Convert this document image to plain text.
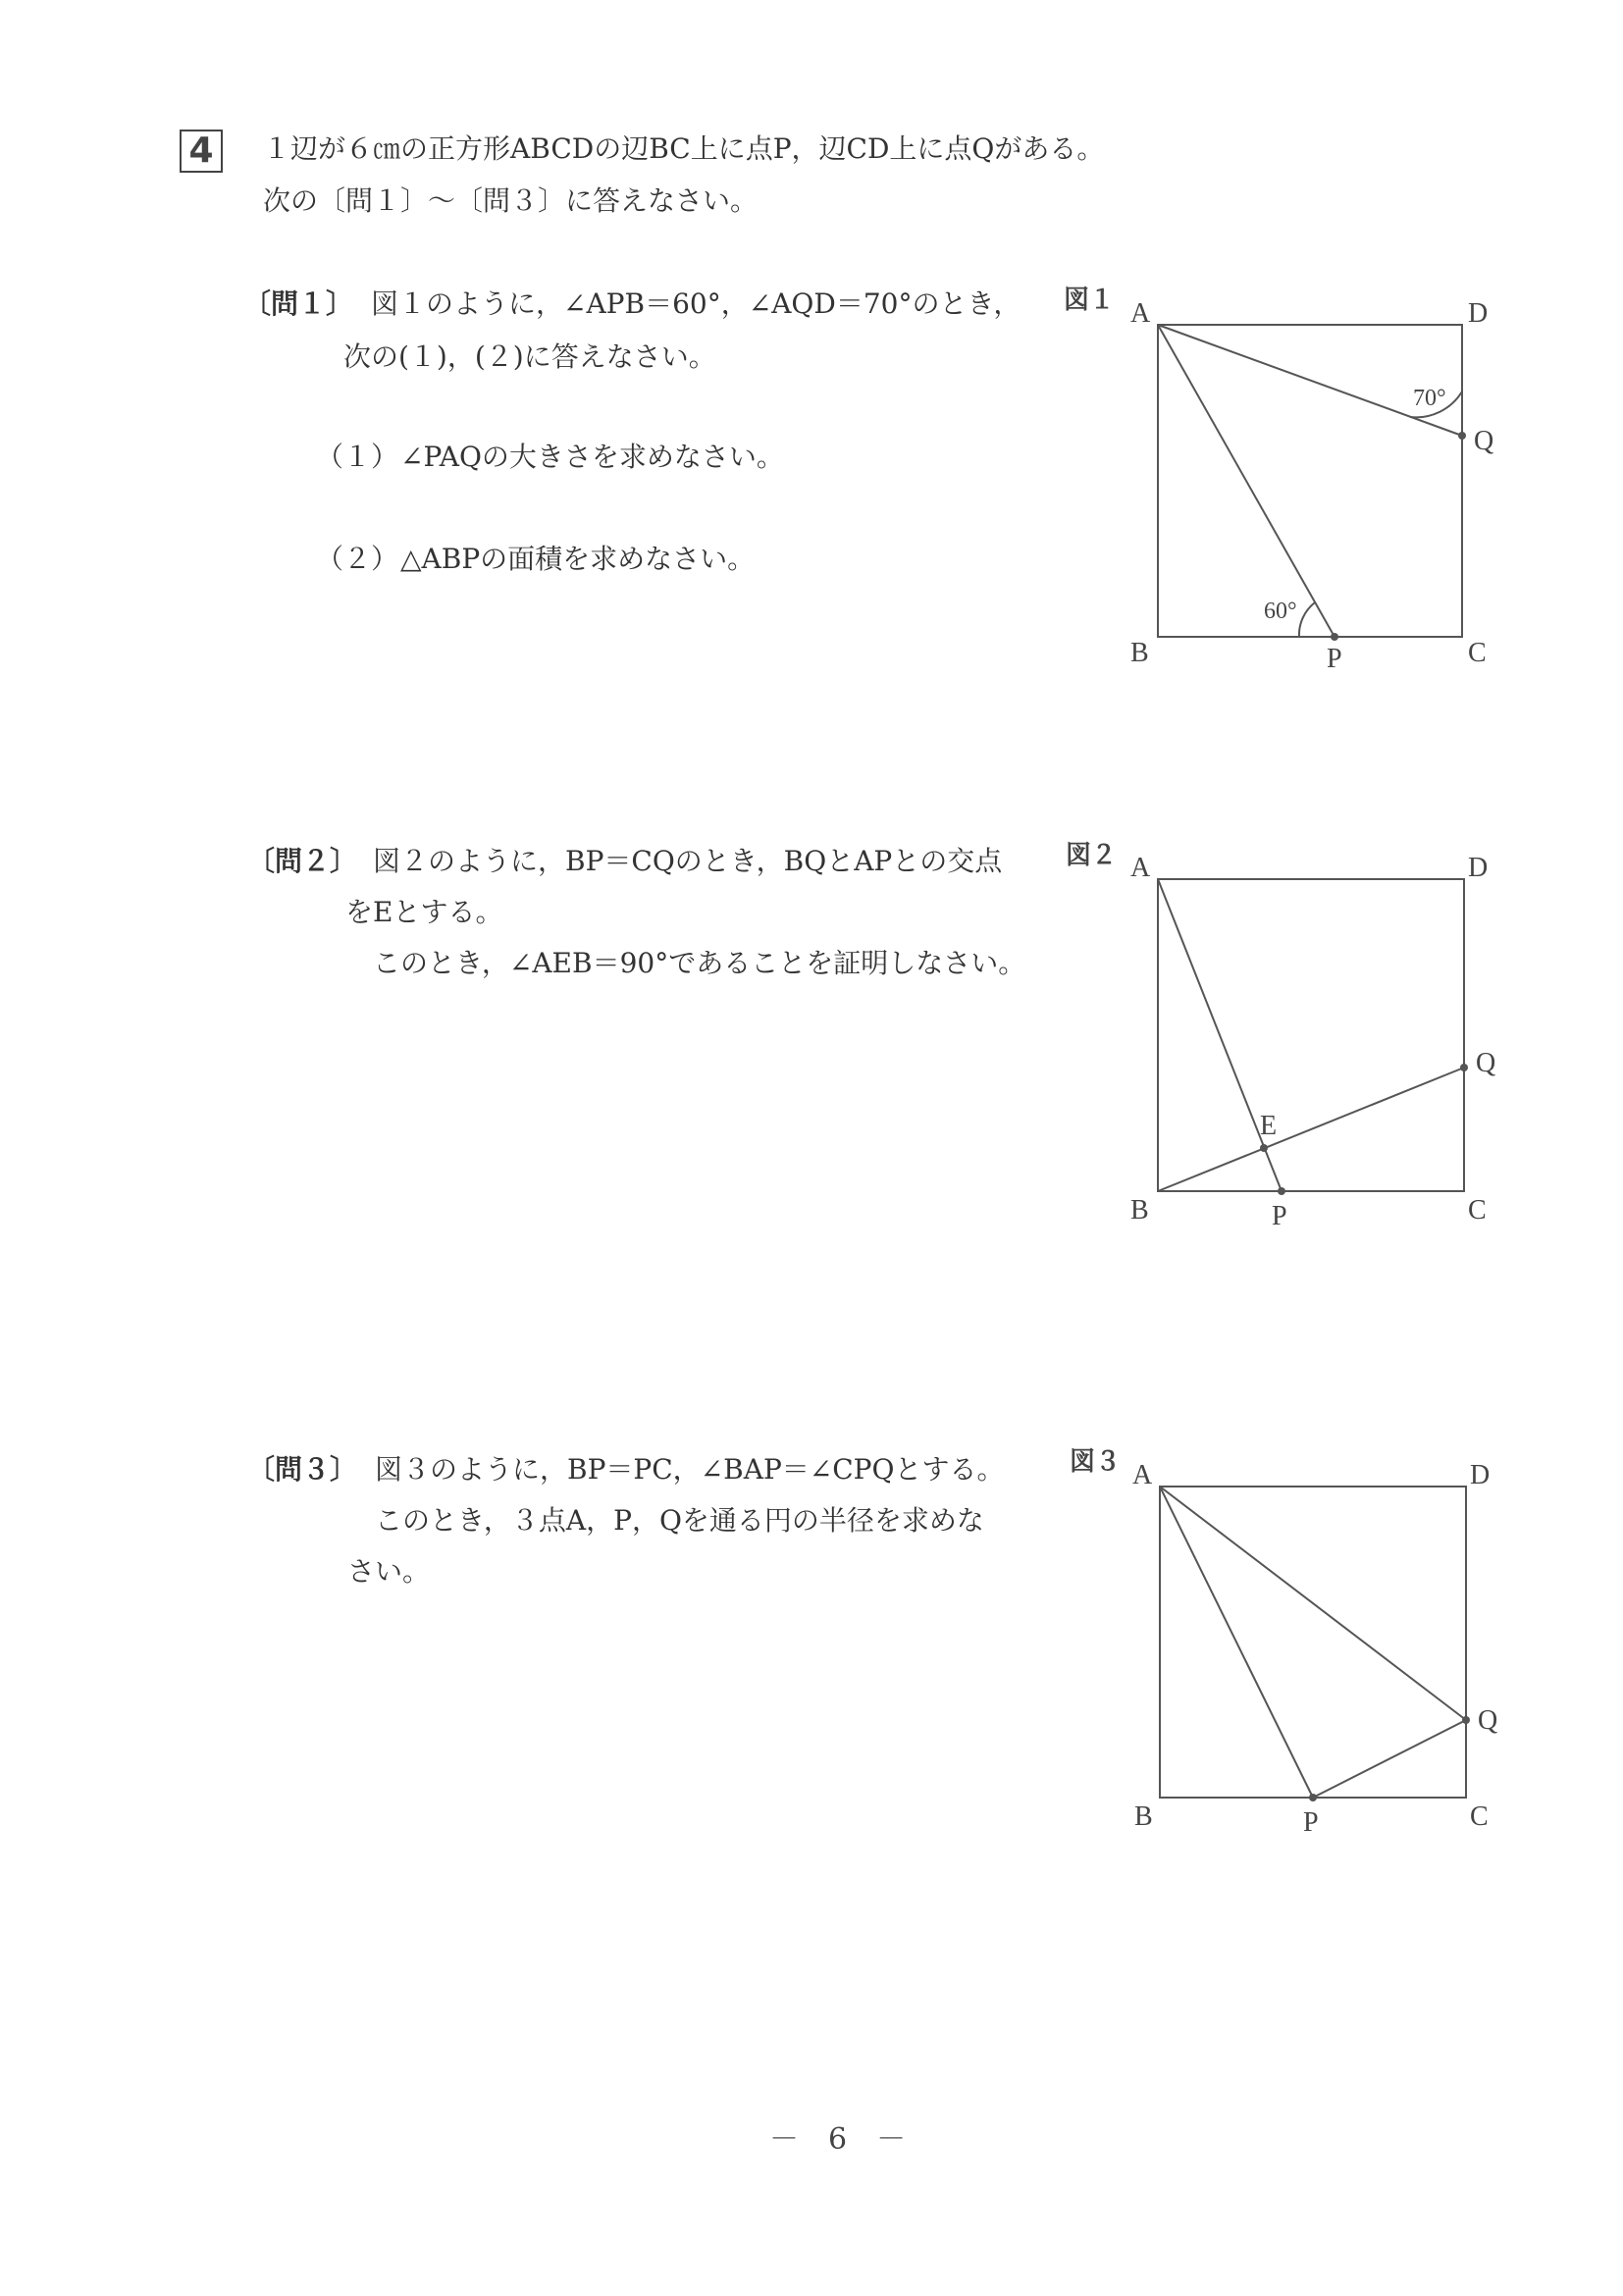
4	１辺が６㎝の正方形ABCDの辺BC上に点P，辺CD上に点Qがある。
次の〔問１〕～〔問３〕に答えなさい。
〔問１〕 図１のように，∠APB＝60°，∠AQD＝70°のとき，
次の(１)，(２)に答えなさい。
（１） ∠PAQの大きさを求めなさい。
（２） △ABPの面積を求めなさい。
〔問２〕 図２のように，BP＝CQのとき，BQとAPとの交点
をEとする。
このとき，∠AEB＝90°であることを証明しなさい。
〔問３〕 図３のように，BP＝PC，∠BAP＝∠CPQとする。
このとき，３点A，P，Qを通る円の半径を求めな
さい。
図１ A	D
B	C
P
Q
70°
60°
図２ A	D
B	C
P
Q
E
図３ A	D
B	C
P
Q
－　6　－
